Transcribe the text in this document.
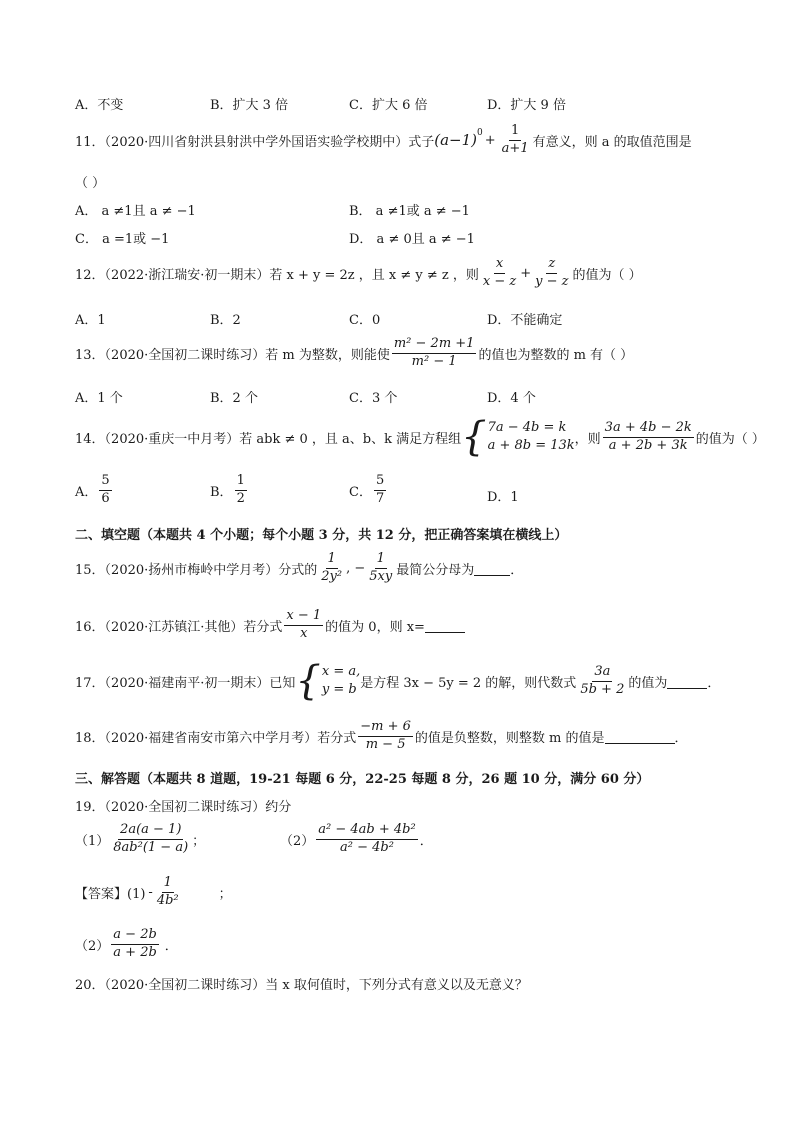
A．不变	B．扩大 3 倍	C．扩大 6 倍	D．扩大 9 倍
11．（2020·四川省射洪县射洪中学外国语实验学校期中）式子 (a−1) $0 + \frac{1}{a+1}$ 有意义，则 a 的取值范围是
（ ）
A． a ≠1且 a ≠ −1	B． a ≠1或 a ≠ −1
C． a =1或 −1	D． a ≠ 0且 a ≠ −1
12．（2022·浙江瑞安·初一期末）若 x + y = 2z ，且 x ≠ y ≠ z ，则 $\frac{x}{x - z} + \frac{z}{y - z}$ 的值为（ ）
A．1	B．2	C．0	D．不能确定
13．（2020·全国初二课时练习）若 m 为整数，则能使 $\frac{\text{m² − 2m +1}}{\text{m² − 1}}$ 的值也为整数的 m 有（ ）
A．1 个	B．2 个	C．3 个	D．4 个
14．（2020·重庆一中月考）若 abk ≠ 0 ，且 a、b、k 满足方程组 { 7a − 4b = k
a + 8b = 13k ，则 $\frac{3a + 4b - 2k}{a + 2b + 3k}$ 的值为（ ）
A． $\frac{5}{6}$	B． $\frac{1}{2}$	C． $\frac{5}{7}$	D．1
二、填空题（本题共 4 个小题；每个小题 3 分，共 12 分，把正确答案填在横线上）
15．（2020·扬州市梅岭中学月考）分式的 $\frac{1}{\text{2y²}}$ , − $\frac{1}{5xy}$ 最简公分母为	．
16．（2020·江苏镇江·其他）若分式 $\frac{x - 1}{x}$ 的值为 0，则 x=
17．（2020·福建南平·初一期末）已知 { x = a,
y = b 是方程 3x − 5y = 2 的解，则代数式 $\frac{3a}{5b + 2}$ 的值为	．
18．（2020·福建省南安市第六中学月考）若分式 $\frac{-m + 6}{m - 5}$ 的值是负整数，则整数 m 的值是	．
三、解答题（本题共 8 道题，19-21 每题 6 分，22-25 每题 8 分，26 题 10 分，满分 60 分）
19．（2020·全国初二课时练习）约分
$(1) \frac{2a(a - 1)}{\text{8ab²(1 − a)}}$ ；	$(2) \frac{\text{a² − 4ab + 4b²}}{\text{a² − 4b²}}$ ．
【答案】$(1) - \frac{1}{\text{4b²}}$	；
$(2) \frac{a - 2b}{a + 2b}$ ．
20．（2020·全国初二课时练习）当 x 取何值时，下列分式有意义以及无意义？
